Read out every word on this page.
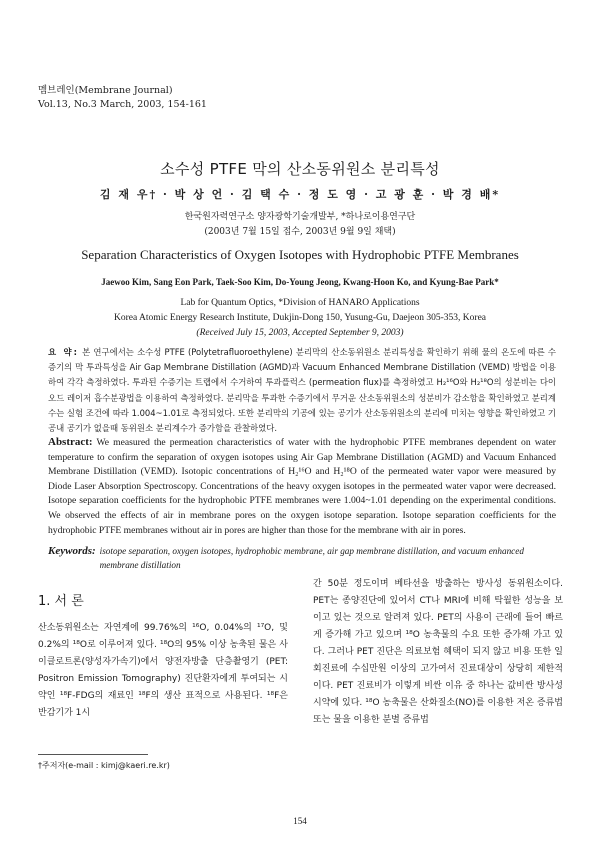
멤브레인(Membrane Journal)
Vol.13, No.3 March, 2003, 154-161
소수성 PTFE 막의 산소동위원소 분리특성
김 재 우† · 박 상 언 · 김 택 수 · 정 도 영 · 고 광 훈 · 박 경 배*
한국원자력연구소 양자광학기술개발부, *하나로이용연구단
(2003년 7월 15일 접수, 2003년 9월 9일 채택)
Separation Characteristics of Oxygen Isotopes with Hydrophobic PTFE Membranes
Jaewoo Kim, Sang Eon Park, Taek-Soo Kim, Do-Young Jeong, Kwang-Hoon Ko, and Kyung-Bae Park*
Lab for Quantum Optics, *Division of HANARO Applications
Korea Atomic Energy Research Institute, Dukjin-Dong 150, Yusung-Gu, Daejeon 305-353, Korea
(Received July 15, 2003, Accepted September 9, 2003)
요 약: 본 연구에서는 소수성 PTFE (Polytetrafluoroethylene) 분리막의 산소동위원소 분리특성을 확인하기 위해 물의 온도에 따른 수증기의 막 투과특성을 Air Gap Membrane Distillation (AGMD)과 Vacuum Enhanced Membrane Distillation (VEMD) 방법을 이용하여 각각 측정하였다. 투과된 수증기는 트랩에서 수거하여 투과플럭스 (permeation flux)를 측정하였고 H₂¹⁶O와 H₂¹⁸O의 성분비는 다이오드 레이저 흡수분광법을 이용하여 측정하였다. 분리막을 투과한 수증기에서 무거운 산소동위원소의 성분비가 감소함을 확인하였고 분리계수는 실험 조건에 따라 1.004~1.01로 측정되었다. 또한 분리막의 기공에 있는 공기가 산소동위원소의 분리에 미치는 영향을 확인하였고 기공내 공기가 없을때 동위원소 분리계수가 증가함을 관찰하였다.
Abstract: We measured the permeation characteristics of water with the hydrophobic PTFE membranes dependent on water temperature to confirm the separation of oxygen isotopes using Air Gap Membrane Distillation (AGMD) and Vacuum Enhanced Membrane Distillation (VEMD). Isotopic concentrations of H₂¹⁶O and H₂¹⁸O of the permeated water vapor were measured by Diode Laser Absorption Spectroscopy. Concentrations of the heavy oxygen isotopes in the permeated water vapor were decreased. Isotope separation coefficients for the hydrophobic PTFE membranes were 1.004~1.01 depending on the experimental conditions. We observed the effects of air in membrane pores on the oxygen isotope separation. Isotope separation coefficients for the hydrophobic PTFE membranes without air in pores are higher than those for the membrane with air in pores.
Keywords: isotope separation, oxygen isotopes, hydrophobic membrane, air gap membrane distillation, and vacuum enhanced membrane distillation
1. 서 론
산소동위원소는 자연계에 99.76%의 ¹⁶O, 0.04%의 ¹⁷O, 및 0.2%의 ¹⁸O로 이루어져 있다. ¹⁸O의 95% 이상 농축된 물은 사이클로트론(양성자가속기)에서 양전자방출 단층촬영기 (PET: Positron Emission Tomography) 진단환자에게 투여되는 시약인 ¹⁸F-FDG의 재료인 ¹⁸F의 생산 표적으로 사용된다. ¹⁸F은 반감기가 1시
간 50분 정도이며 베타선을 방출하는 방사성 동위원소이다. PET는 종양진단에 있어서 CT나 MRI에 비해 탁월한 성능을 보이고 있는 것으로 알려져 있다. PET의 사용이 근래에 들어 빠르게 증가해 가고 있으며 ¹⁸O 농축물의 수요 또한 증가해 가고 있다. 그러나 PET 진단은 의료보험 혜택이 되지 않고 비용 또한 일회진료에 수십만원 이상의 고가여서 진료대상이 상당히 제한적이다. PET 진료비가 이렇게 비싼 이유 중 하나는 값비싼 방사성 시약에 있다. ¹⁸O 농축물은 산화질소(NO)를 이용한 저온 증류법 또는 물을 이용한 분별 증류법
†주저자(e-mail : kimj@kaeri.re.kr)
154
